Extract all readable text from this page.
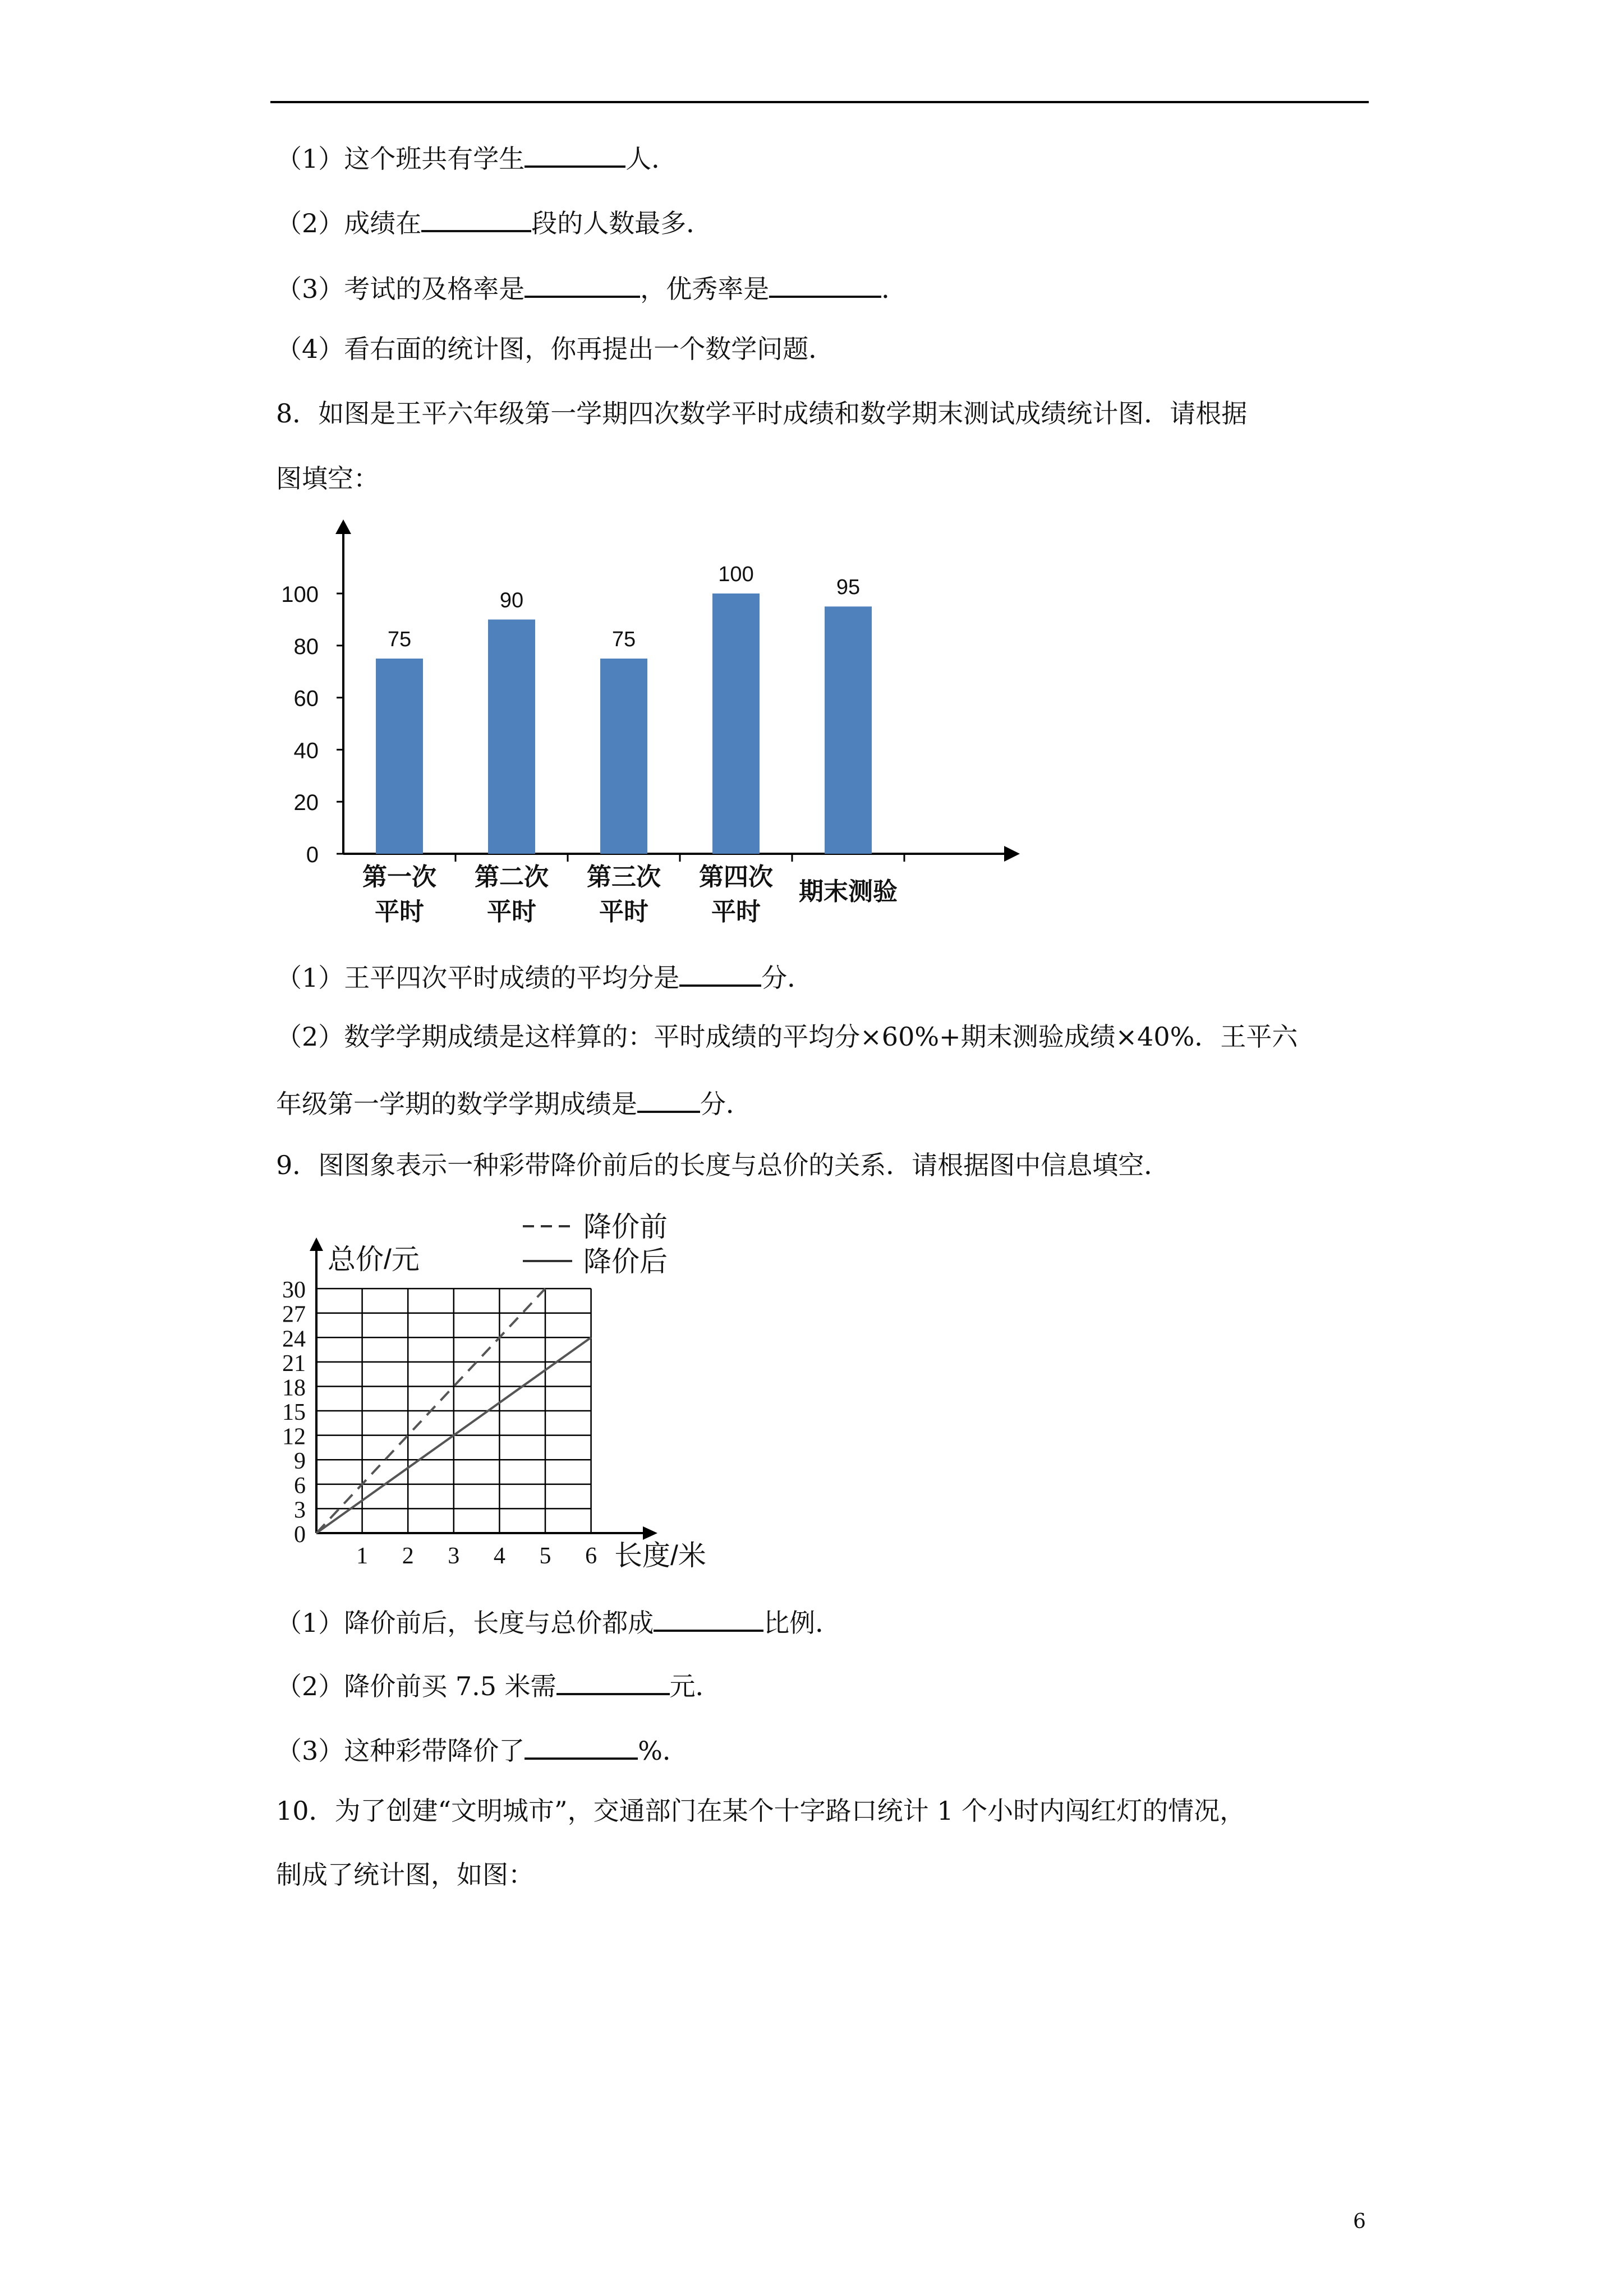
（1）这个班共有学生	人．
（2）成绩在	段的人数最多．
（3）考试的及格率是	，优秀率是	．
（4）看右面的统计图，你再提出一个数学问题．
8．如图是王平六年级第一学期四次数学平时成绩和数学期末测试成绩统计图．请根据
图填空：
0
20
40
60
80
100
75
第一次
平时
90
第二次
平时
75
第三次
平时
100
第四次
平时
95
期末测验
（1）王平四次平时成绩的平均分是	分．
（2）数学学期成绩是这样算的：平时成绩的平均分×60%+期末测验成绩×40%．王平六
年级第一学期的数学学期成绩是 分．
9．图图象表示一种彩带降价前后的长度与总价的关系．请根据图中信息填空．
0
3
6
9
12
15
18
21
24
27
30
1 2 3 4 5 6
总价/元
长度/米
降价前
降价后
（1）降价前后，长度与总价都成	比例．
（2）降价前买 7.5 米需	元．
（3）这种彩带降价了	%．
10．为了创建“文明城市”，交通部门在某个十字路口统计 1 个小时内闯红灯的情况，
制成了统计图，如图：
6
